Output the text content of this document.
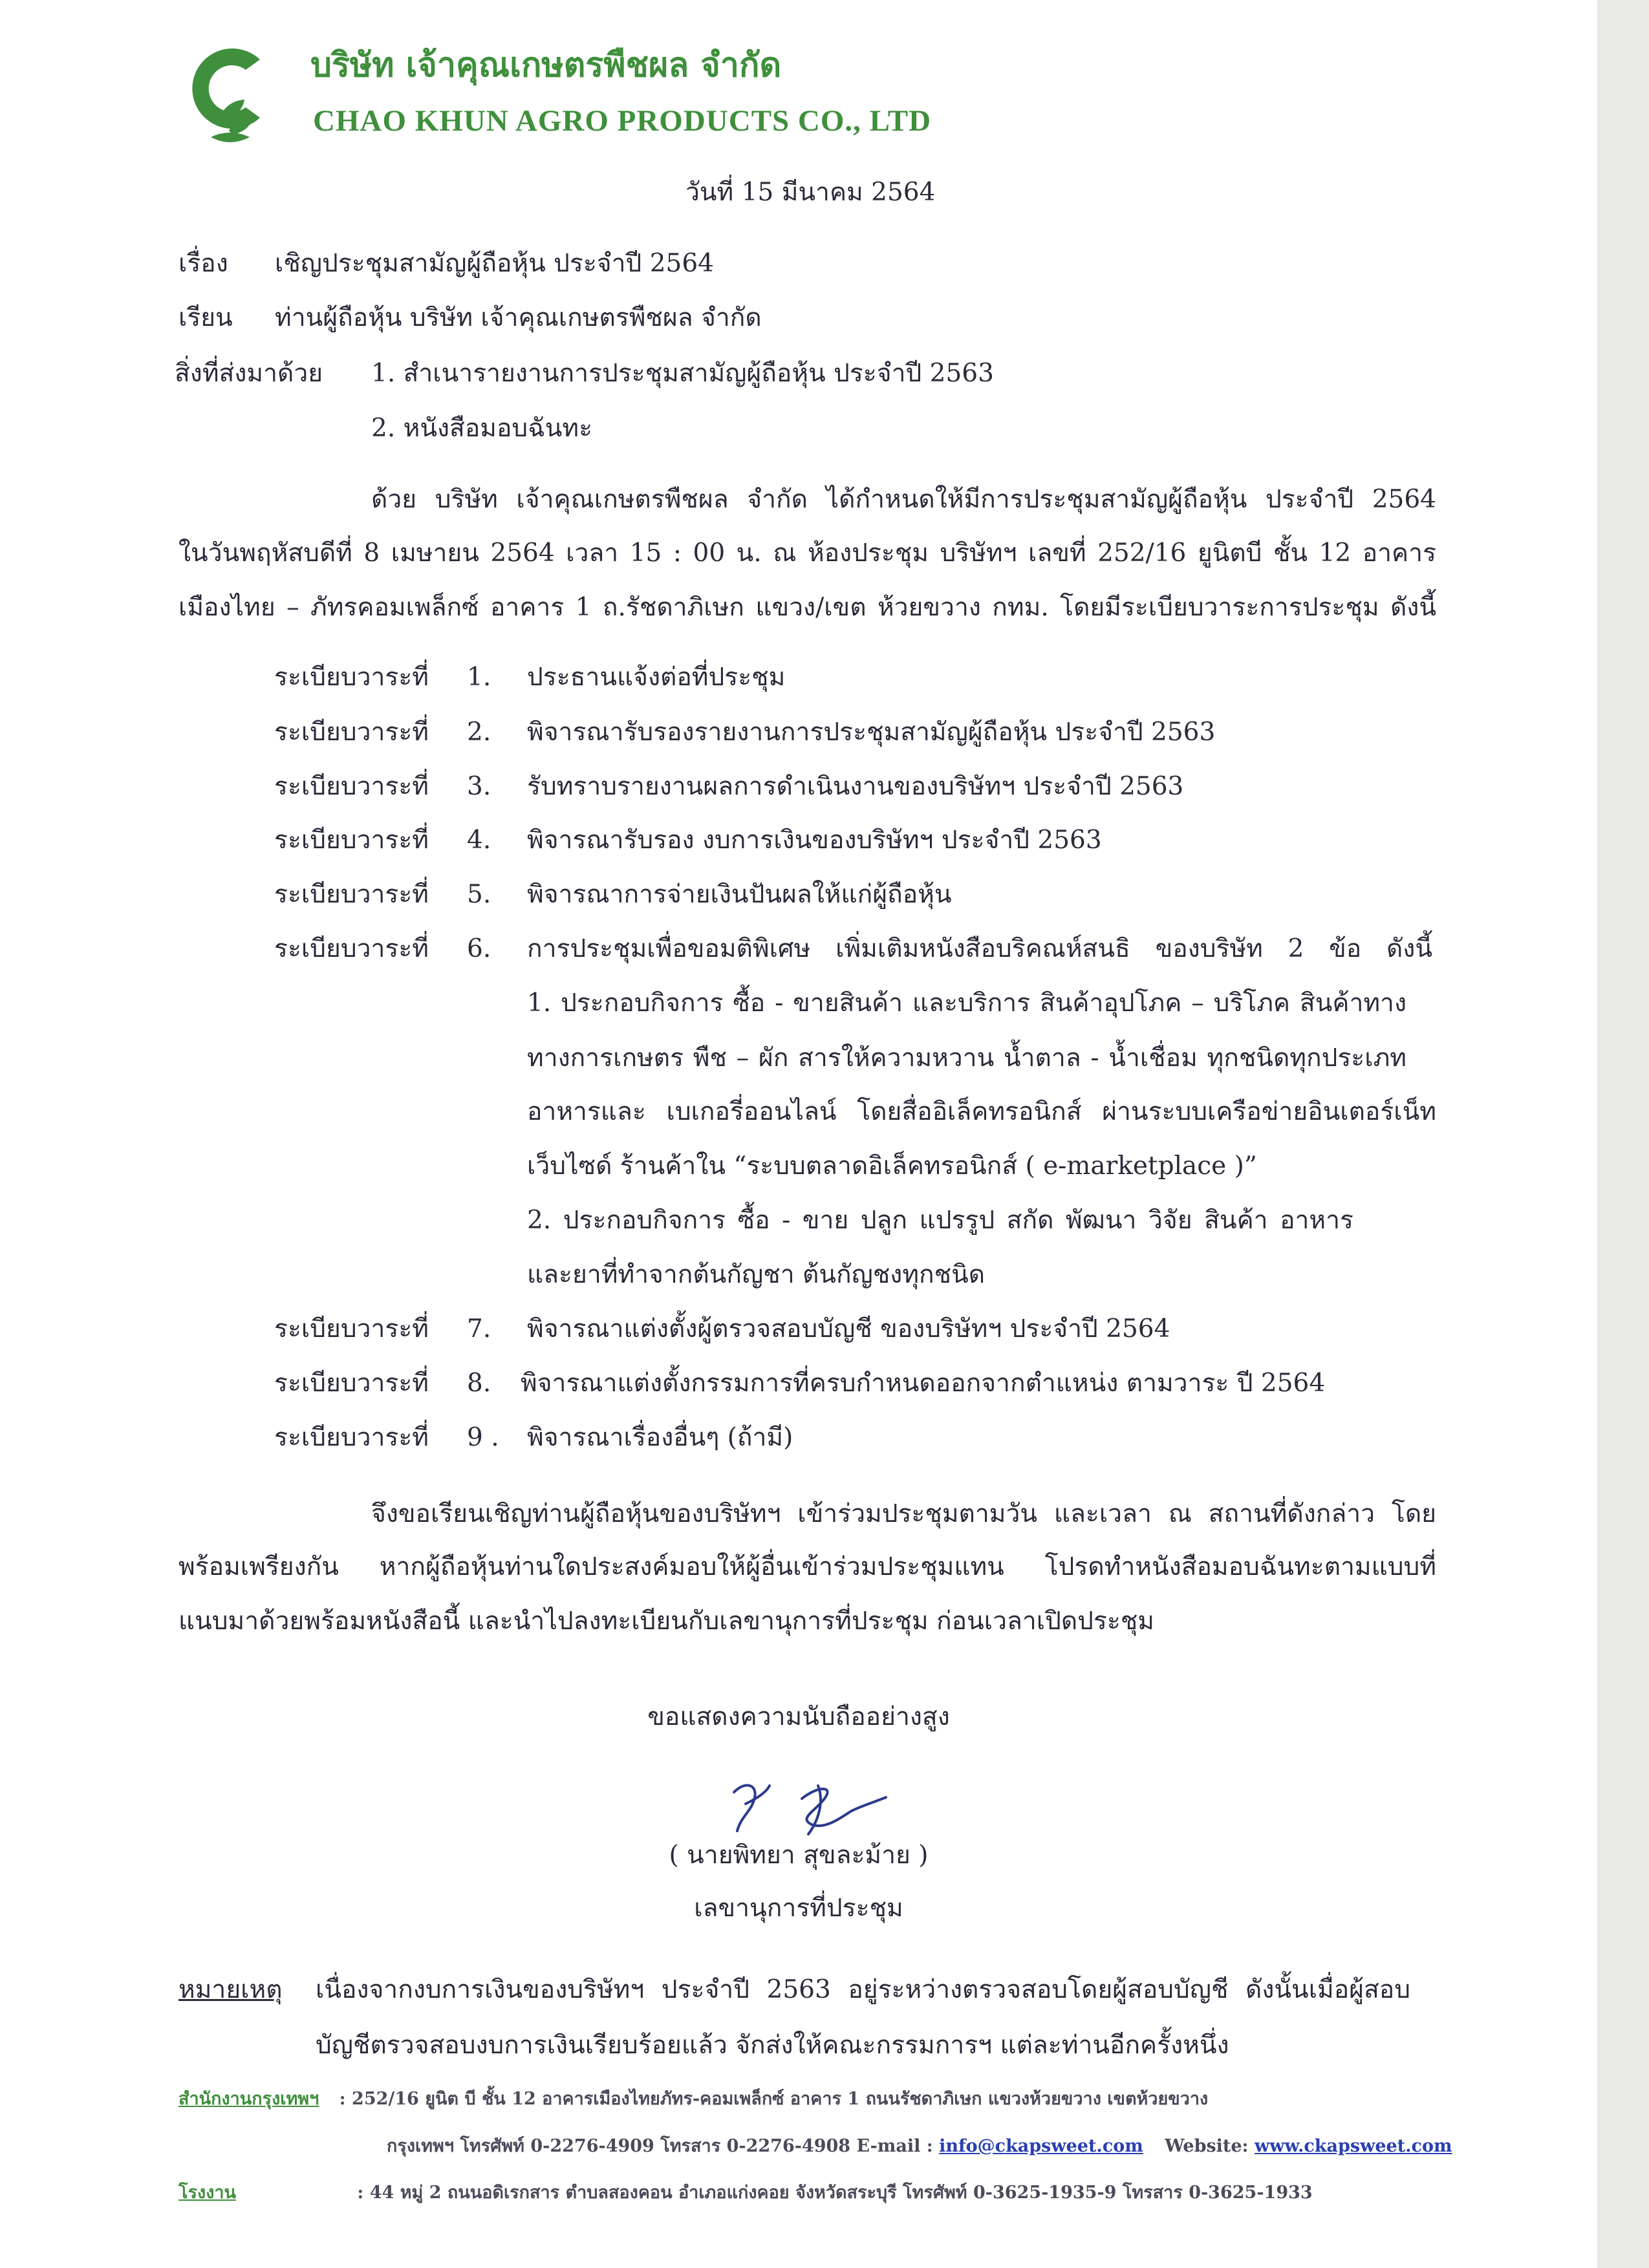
บริษัท เจ้าคุณเกษตรพืชผล จำกัด
CHAO KHUN AGRO PRODUCTS CO., LTD
วันที่ 15 มีนาคม 2564
เรื่อง เชิญประชุมสามัญผู้ถือหุ้น ประจำปี 2564
เรียน ท่านผู้ถือหุ้น บริษัท เจ้าคุณเกษตรพืชผล จำกัด
สิ่งที่ส่งมาด้วย 1. สำเนารายงานการประชุมสามัญผู้ถือหุ้น ประจำปี 2563
2. หนังสือมอบฉันทะ
ด้วย บริษัท เจ้าคุณเกษตรพืชผล จำกัด ได้กำหนดให้มีการประชุมสามัญผู้ถือหุ้น ประจำปี 2564
ในวันพฤหัสบดีที่ 8 เมษายน 2564 เวลา 15 : 00 น. ณ ห้องประชุม บริษัทฯ เลขที่ 252/16 ยูนิตบี ชั้น 12 อาคาร
เมืองไทย – ภัทรคอมเพล็กซ์ อาคาร 1 ถ.รัชดาภิเษก แขวง/เขต ห้วยขวาง กทม. โดยมีระเบียบวาระการประชุม ดังนี้
ระเบียบวาระที่ 1. ประธานแจ้งต่อที่ประชุม
ระเบียบวาระที่ 2. พิจารณารับรองรายงานการประชุมสามัญผู้ถือหุ้น ประจำปี 2563
ระเบียบวาระที่ 3. รับทราบรายงานผลการดำเนินงานของบริษัทฯ ประจำปี 2563
ระเบียบวาระที่ 4. พิจารณารับรอง งบการเงินของบริษัทฯ ประจำปี 2563
ระเบียบวาระที่ 5. พิจารณาการจ่ายเงินปันผลให้แก่ผู้ถือหุ้น
ระเบียบวาระที่ 6. การประชุมเพื่อขอมติพิเศษ เพิ่มเติมหนังสือบริคณห์สนธิ ของบริษัท 2 ข้อ ดังนี้
1. ประกอบกิจการ ซื้อ - ขายสินค้า และบริการ สินค้าอุปโภค – บริโภค สินค้าทาง
ทางการเกษตร พืช – ผัก สารให้ความหวาน น้ำตาล - น้ำเชื่อม ทุกชนิดทุกประเภท
อาหารและ เบเกอรี่ออนไลน์ โดยสื่ออิเล็คทรอนิกส์ ผ่านระบบเครือข่ายอินเตอร์เน็ท
เว็บไซด์ ร้านค้าใน “ระบบตลาดอิเล็คทรอนิกส์ ( e-marketplace )”
2. ประกอบกิจการ ซื้อ - ขาย ปลูก แปรรูป สกัด พัฒนา วิจัย สินค้า อาหาร
และยาที่ทำจากต้นกัญชา ต้นกัญชงทุกชนิด
ระเบียบวาระที่ 7. พิจารณาแต่งตั้งผู้ตรวจสอบบัญชี ของบริษัทฯ ประจำปี 2564
ระเบียบวาระที่ 8. พิจารณาแต่งตั้งกรรมการที่ครบกำหนดออกจากตำแหน่ง ตามวาระ ปี 2564
ระเบียบวาระที่ 9 . พิจารณาเรื่องอื่นๆ (ถ้ามี)
จึงขอเรียนเชิญท่านผู้ถือหุ้นของบริษัทฯ เข้าร่วมประชุมตามวัน และเวลา ณ สถานที่ดังกล่าว โดย
พร้อมเพรียงกัน หากผู้ถือหุ้นท่านใดประสงค์มอบให้ผู้อื่นเข้าร่วมประชุมแทน โปรดทำหนังสือมอบฉันทะตามแบบที่
แนบมาด้วยพร้อมหนังสือนี้ และนำไปลงทะเบียนกับเลขานุการที่ประชุม ก่อนเวลาเปิดประชุม
ขอแสดงความนับถืออย่างสูง
( นายพิทยา สุขละม้าย )
เลขานุการที่ประชุม
หมายเหตุ เนื่องจากงบการเงินของบริษัทฯ ประจำปี 2563 อยู่ระหว่างตรวจสอบโดยผู้สอบบัญชี ดังนั้นเมื่อผู้สอบ
บัญชีตรวจสอบงบการเงินเรียบร้อยแล้ว จักส่งให้คณะกรรมการฯ แต่ละท่านอีกครั้งหนึ่ง
สำนักงานกรุงเทพฯ : 252/16 ยูนิต บี ชั้น 12 อาคารเมืองไทยภัทร-คอมเพล็กซ์ อาคาร 1 ถนนรัชดาภิเษก แขวงห้วยขวาง เขตห้วยขวาง
กรุงเทพฯ โทรศัพท์ 0-2276-4909 โทรสาร 0-2276-4908 E-mail : info@ckapsweet.com Website: www.ckapsweet.com
โรงงาน	: 44 หมู่ 2 ถนนอดิเรกสาร ตำบลสองคอน อำเภอแก่งคอย จังหวัดสระบุรี โทรศัพท์ 0-3625-1935-9 โทรสาร 0-3625-1933
